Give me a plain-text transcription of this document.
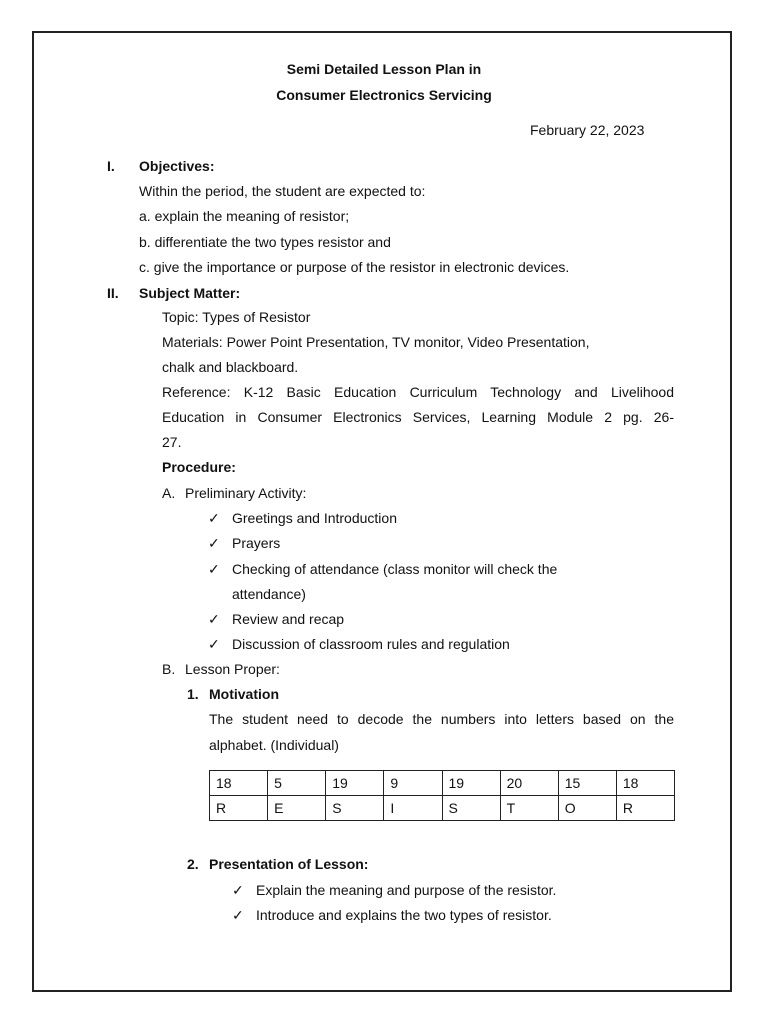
Semi Detailed Lesson Plan in
Consumer Electronics Servicing
February 22, 2023
I. Objectives:
Within the period, the student are expected to:
a. explain the meaning of resistor;
b. differentiate the two types resistor and
c. give the importance or purpose of the resistor in electronic devices.
II. Subject Matter:
Topic: Types of Resistor
Materials: Power Point Presentation, TV monitor, Video Presentation,
chalk and blackboard.
Reference: K-12 Basic Education Curriculum Technology and Livelihood
Education in Consumer Electronics Services, Learning Module 2 pg. 26-
27.
Procedure:
A. Preliminary Activity:
✓ Greetings and Introduction
✓ Prayers
✓ Checking of attendance (class monitor will check the
attendance)
✓ Review and recap
✓ Discussion of classroom rules and regulation
B. Lesson Proper:
1. Motivation
The student need to decode the numbers into letters based on the
alphabet. (Individual)
18	5	19	9	19	20	15	18
R	E	S	I	S	T	O	R
2. Presentation of Lesson:
✓ Explain the meaning and purpose of the resistor.
✓ Introduce and explains the two types of resistor.
